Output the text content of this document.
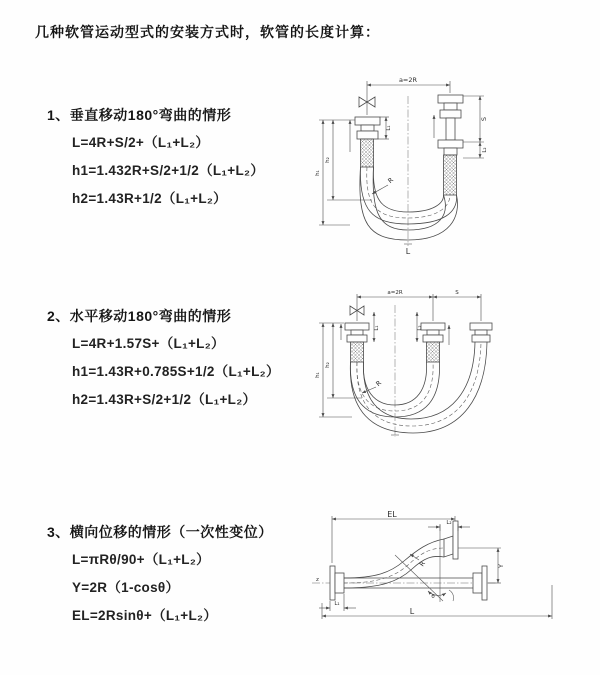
几种软管运动型式的安装方式时，软管的长度计算：
1、垂直移动180°弯曲的情形

L=4R+S/2+（L₁+L₂）

h1=1.432R+S/2+1/2（L₁+L₂）

h2=1.43R+1/2（L₁+L₂）

2、水平移动180°弯曲的情形

L=4R+1.57S+（L₁+L₂）

h1=1.43R+0.785S+1/2（L₁+L₂）

h2=1.43R+S/2+1/2（L₁+L₂）

3、横向位移的情形（一次性变位）

L=πRθ/90+（L₁+L₂）

Y=2R（1-cosθ）

EL=2Rsinθ+（L₁+L₂）

a=2R
L₁
S
L₂
h₁
h₂
R
L
a=2R	S
L₁	L₂
h₁
h₂
R
z
EL
L₂
Y
R
θ
L₁
L
